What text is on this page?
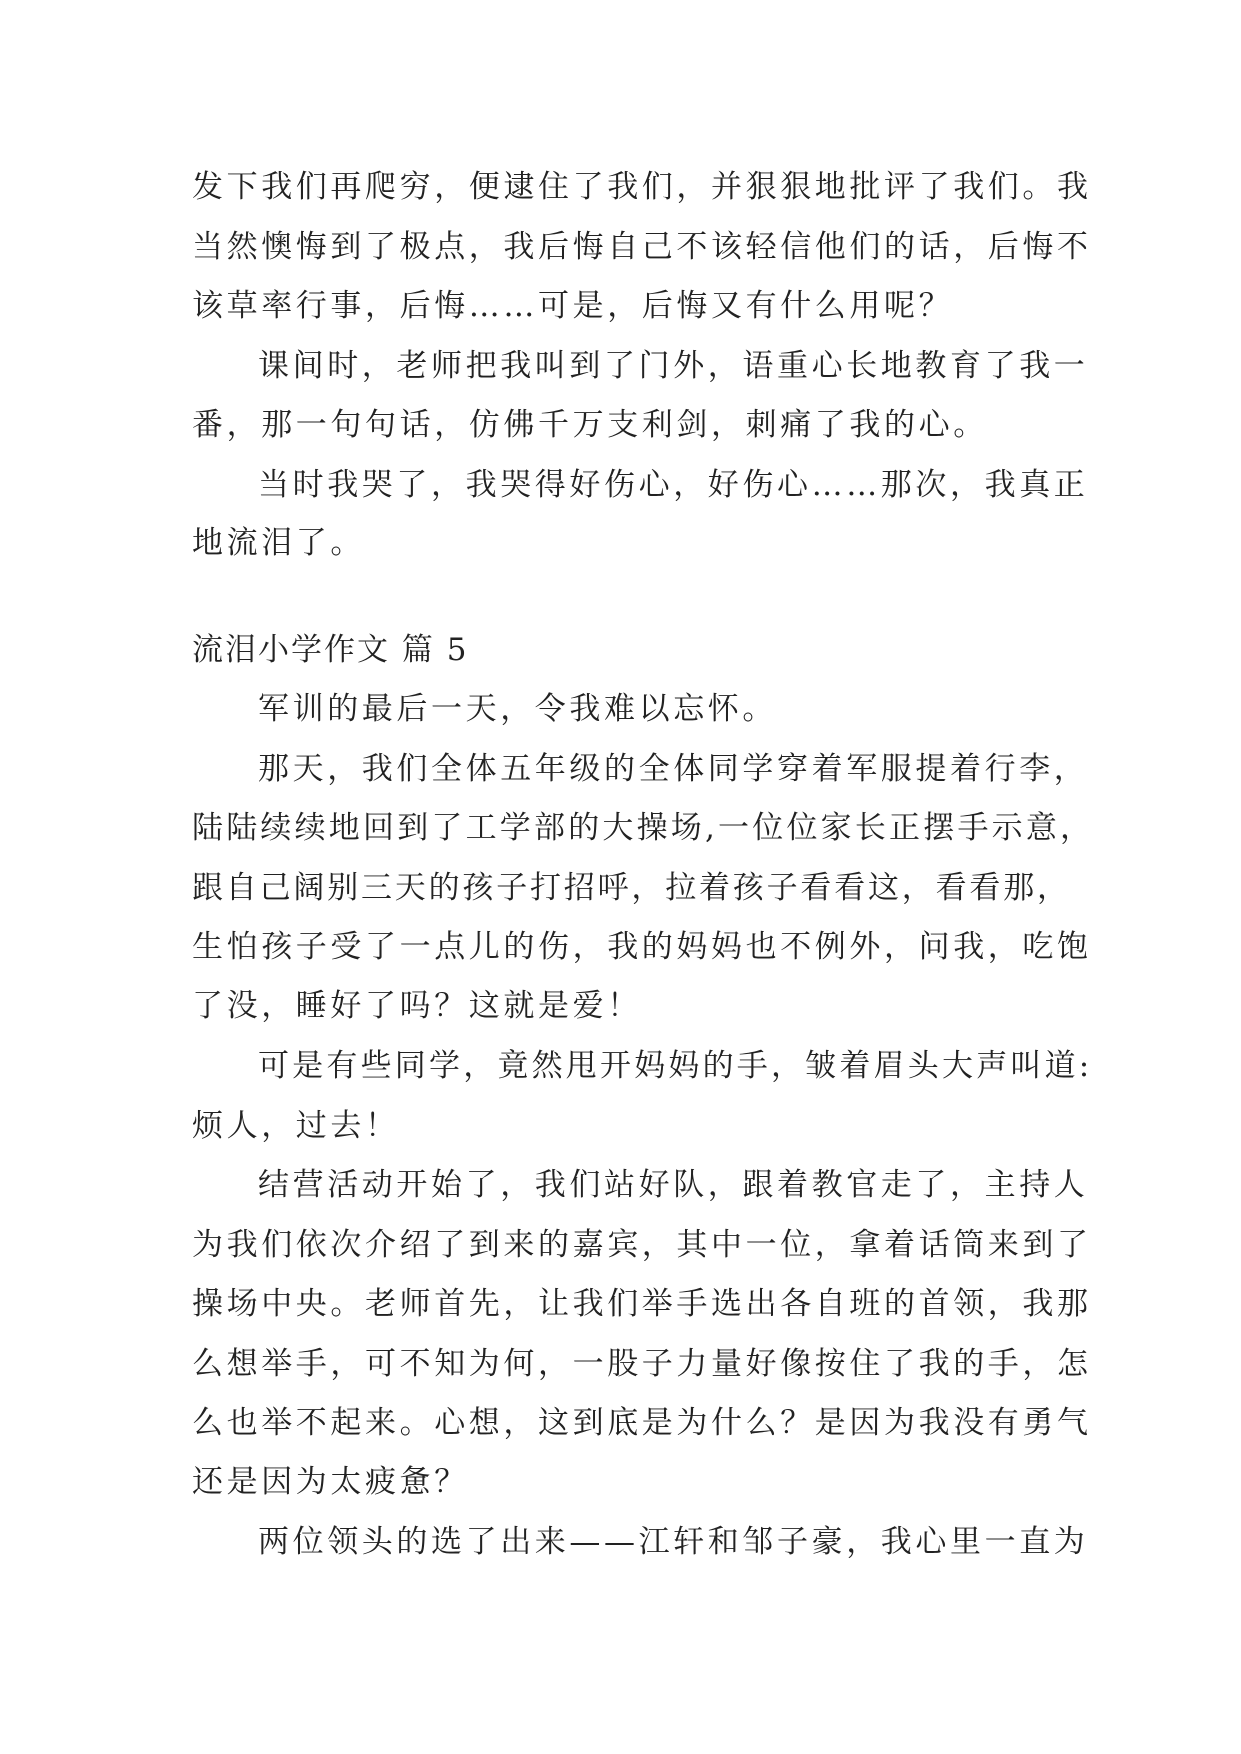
发下我们再爬穷，便逮住了我们，并狠狠地批评了我们。我
当然懊悔到了极点，我后悔自己不该轻信他们的话，后悔不
该草率行事，后悔……可是，后悔又有什么用呢？
课间时，老师把我叫到了门外，语重心长地教育了我一
番，那一句句话，仿佛千万支利剑，刺痛了我的心。
当时我哭了，我哭得好伤心，好伤心……那次，我真正
地流泪了。
流泪小学作文 篇 5
军训的最后一天，令我难以忘怀。
那天，我们全体五年级的全体同学穿着军服提着行李，
陆陆续续地回到了工学部的大操场,一位位家长正摆手示意，
跟自己阔别三天的孩子打招呼，拉着孩子看看这，看看那，
生怕孩子受了一点儿的伤，我的妈妈也不例外，问我，吃饱
了没，睡好了吗？这就是爱！
可是有些同学，竟然甩开妈妈的手，皱着眉头大声叫道:
烦人，过去！
结营活动开始了，我们站好队，跟着教官走了，主持人
为我们依次介绍了到来的嘉宾，其中一位，拿着话筒来到了
操场中央。老师首先，让我们举手选出各自班的首领，我那
么想举手，可不知为何，一股子力量好像按住了我的手，怎
么也举不起来。心想，这到底是为什么？是因为我没有勇气
还是因为太疲惫？
两位领头的选了出来——江轩和邹子豪，我心里一直为
